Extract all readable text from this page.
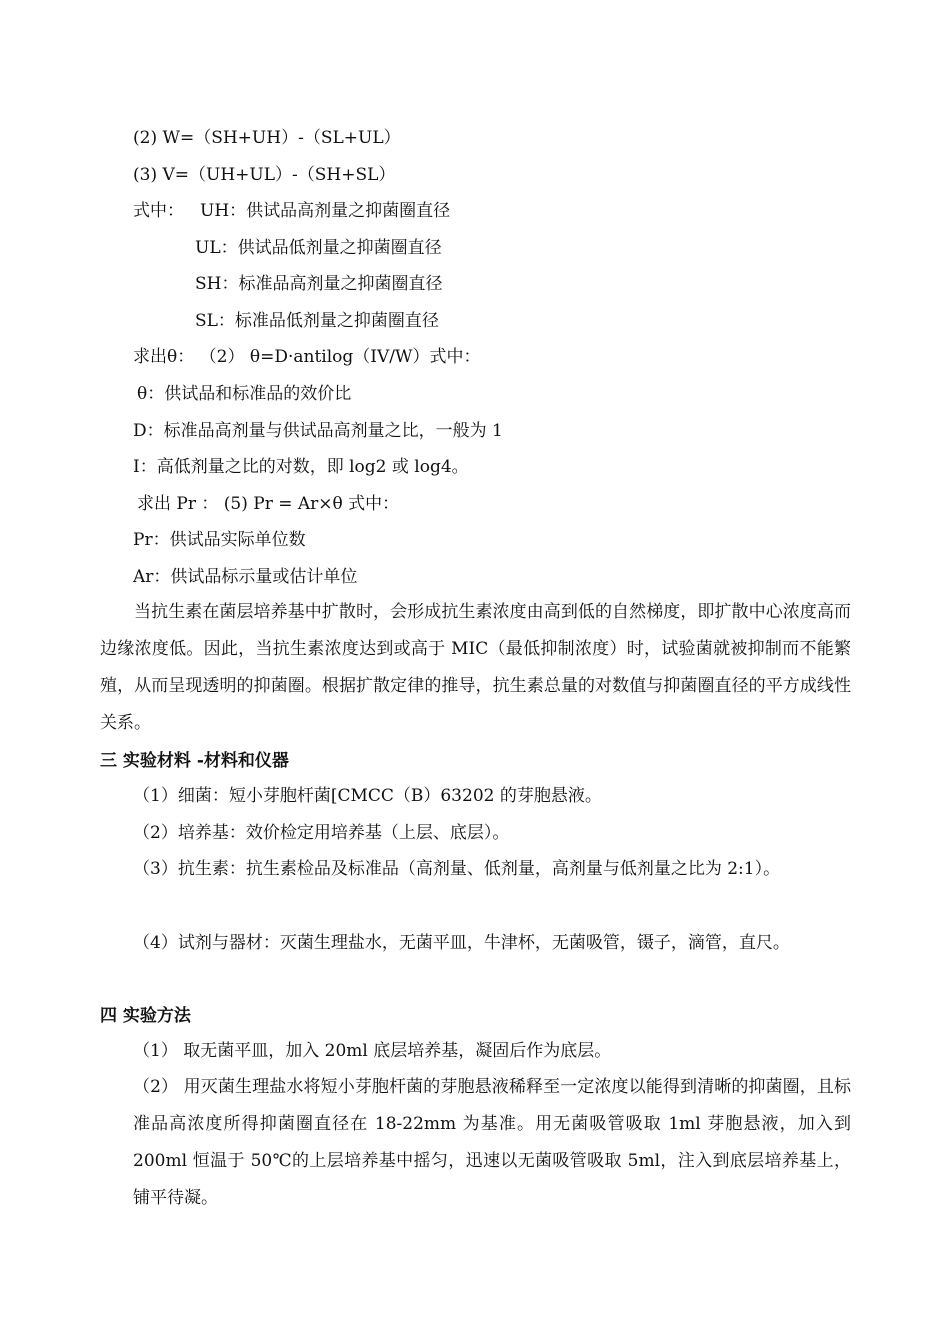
(2) W=（SH+UH）-（SL+UL）
(3) V=（UH+UL）-（SH+SL）
式中： UH：供试品高剂量之抑菌圈直径
UL：供试品低剂量之抑菌圈直径
SH：标准品高剂量之抑菌圈直径
SL：标准品低剂量之抑菌圈直径
求出θ： （2） θ=D·antilog（IV/W）式中：
θ：供试品和标准品的效价比
D：标准品高剂量与供试品高剂量之比，一般为 1
I：高低剂量之比的对数，即 log2 或 log4。
求出 Pr ： (5) Pr = Ar×θ 式中：
Pr：供试品实际单位数
Ar：供试品标示量或估计单位
当抗生素在菌层培养基中扩散时，会形成抗生素浓度由高到低的自然梯度，即扩散中心浓度高而边缘浓度低。因此，当抗生素浓度达到或高于 MIC（最低抑制浓度）时，试验菌就被抑制而不能繁殖，从而呈现透明的抑菌圈。根据扩散定律的推导，抗生素总量的对数值与抑菌圈直径的平方成线性关系。
三 实验材料 -材料和仪器
（1）细菌：短小芽胞杆菌[CMCC（B）63202 的芽胞悬液。
（2）培养基：效价检定用培养基（上层、底层）。
（3）抗生素：抗生素检品及标准品（高剂量、低剂量，高剂量与低剂量之比为 2:1）。
（4）试剂与器材：灭菌生理盐水，无菌平皿，牛津杯，无菌吸管，镊子，滴管，直尺。
四 实验方法
（1） 取无菌平皿，加入 20ml 底层培养基，凝固后作为底层。
（2） 用灭菌生理盐水将短小芽胞杆菌的芽胞悬液稀释至一定浓度以能得到清晰的抑菌圈，且标准品高浓度所得抑菌圈直径在 18-22mm 为基准。用无菌吸管吸取 1ml 芽胞悬液，加入到 200ml 恒温于 50℃的上层培养基中摇匀，迅速以无菌吸管吸取 5ml，注入到底层培养基上，铺平待凝。
